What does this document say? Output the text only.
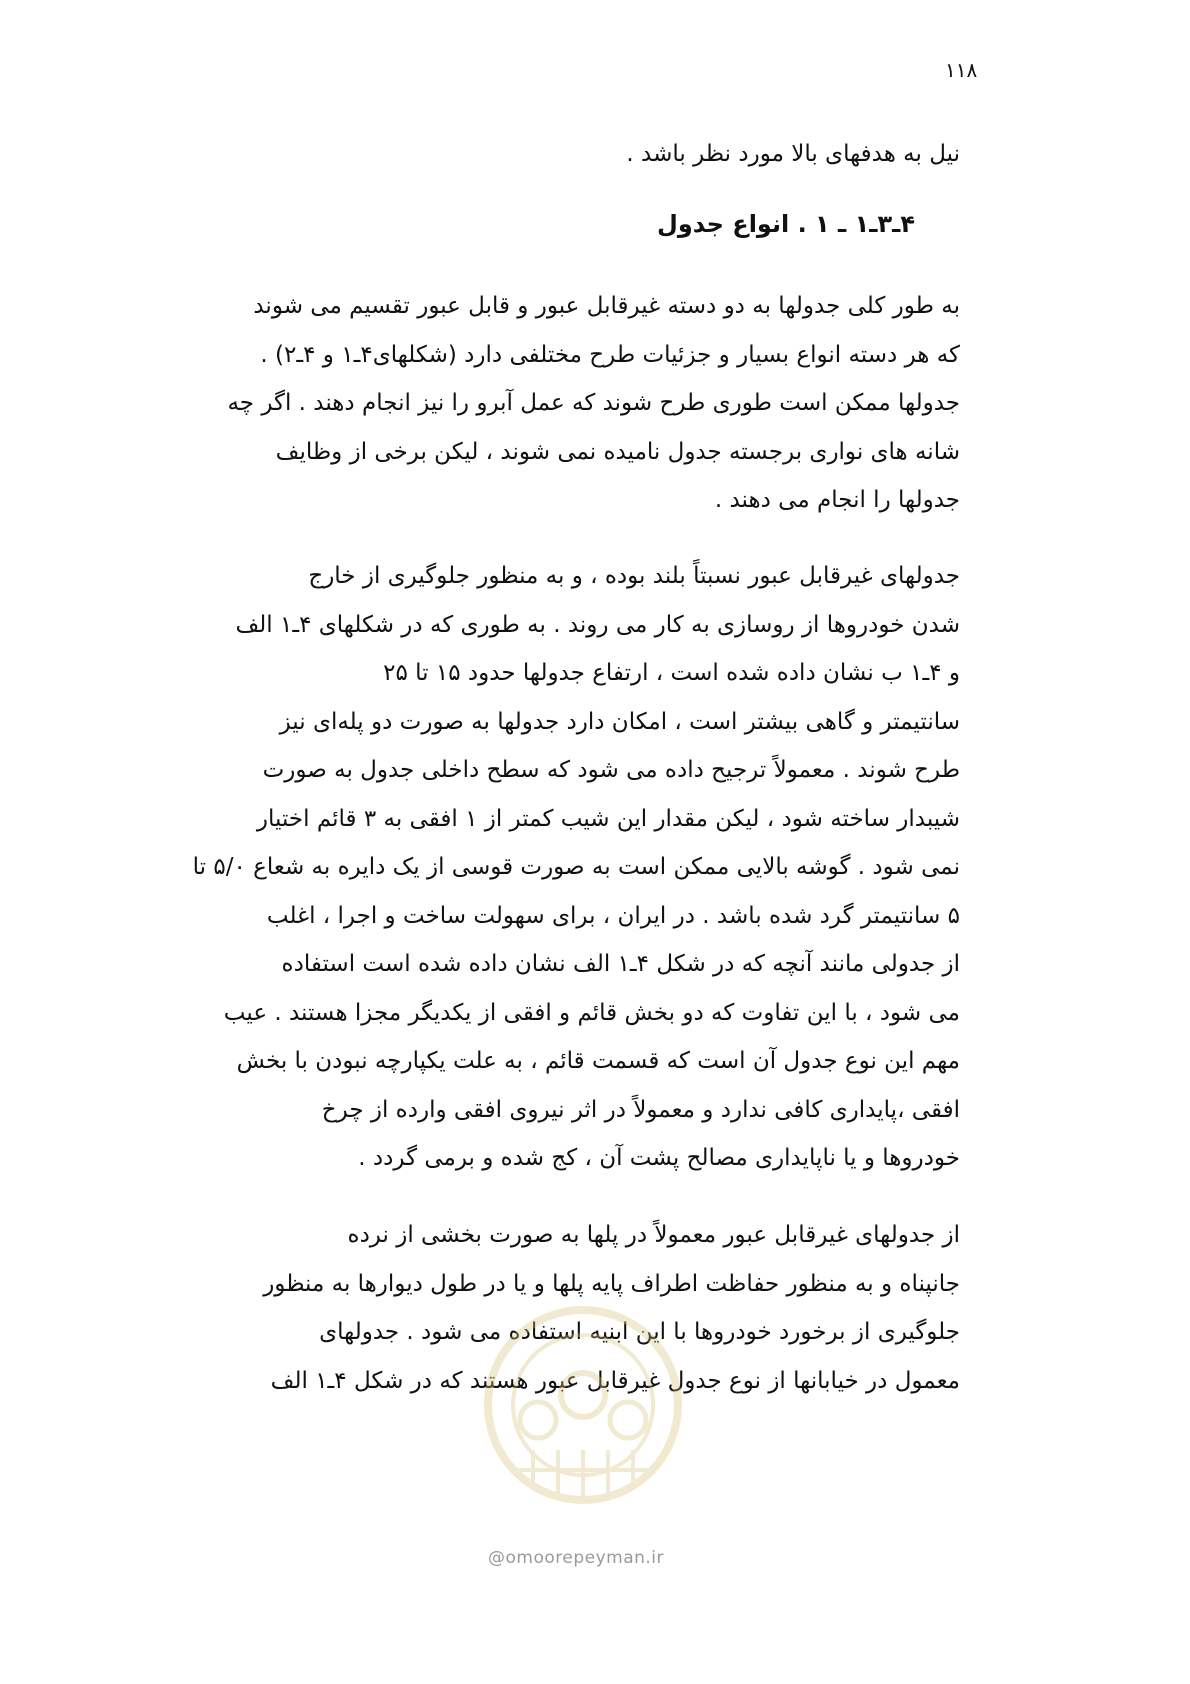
۱۱۸

نیل به هدفهای بالا مورد نظر باشد .

۴ـ۳ـ۱ ـ ۱ . انواع جدول

به طور کلی جدولها به دو دسته غیرقابل عبور و قابل عبور تقسیم می شوند
که هر دسته انواع بسیار و جزئیات طرح مختلفی دارد (شکلهای۴ـ۱ و ۴ـ۲) .
جدولها ممکن است طوری طرح شوند که عمل آبرو را نیز انجام دهند . اگر چه
شانه های نواری برجسته جدول نامیده نمی شوند ، لیکن برخی از وظایف
جدولها را انجام می دهند .

جدولهای غیرقابل عبور نسبتاً بلند بوده ، و به منظور جلوگیری از خارج
شدن خودروها از روسازی به کار می روند . به طوری که در شکلهای ۴ـ۱ الف
و ۴ـ۱ ب نشان داده شده است ، ارتفاع جدولها حدود ۱۵ تا ۲۵
سانتیمتر و گاهی بیشتر است ، امکان دارد جدولها به صورت دو پله‌ای نیز
طرح شوند . معمولاً ترجیح داده می شود که سطح داخلی جدول به صورت
شیبدار ساخته شود ، لیکن مقدار این شیب کمتر از ۱ افقی به ۳ قائم اختیار
نمی شود . گوشه بالایی ممکن است به صورت قوسی از یک دایره به شعاع ۵/۰ تا
۵ سانتیمتر گرد شده باشد . در ایران ، برای سهولت ساخت و اجرا ، اغلب
از جدولی مانند آنچه که در شکل ۴ـ۱ الف نشان داده شده است استفاده
می شود ، با این تفاوت که دو بخش قائم و افقی از یکدیگر مجزا هستند . عیب
مهم این نوع جدول آن است که قسمت قائم ، به علت یکپارچه نبودن با بخش
افقی ،پایداری کافی ندارد و معمولاً در اثر نیروی افقی وارده از چرخ
خودروها و یا ناپایداری مصالح پشت آن ، کج شده و برمی گردد .

از جدولهای غیرقابل عبور معمولاً در پلها به صورت بخشی از نرده
جانپناه و به منظور حفاظت اطراف پایه پلها و یا در طول دیوارها به منظور
جلوگیری از برخورد خودروها با این ابنیه استفاده می شود . جدولهای
معمول در خیابانها از نوع جدول غیرقابل عبور هستند که در شکل ۴ـ۱ الف

@omoorepeyman.ir
